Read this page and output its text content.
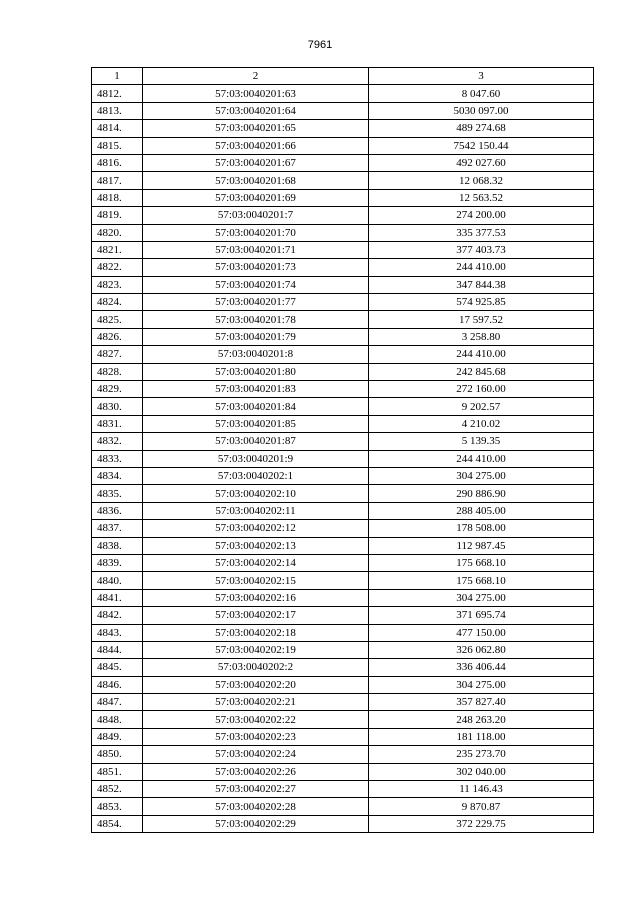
7961
1	2	3
4812.	57:03:0040201:63	8 047.60
4813.	57:03:0040201:64	5030 097.00
4814.	57:03:0040201:65	489 274.68
4815.	57:03:0040201:66	7542 150.44
4816.	57:03:0040201:67	492 027.60
4817.	57:03:0040201:68	12 068.32
4818.	57:03:0040201:69	12 563.52
4819.	57:03:0040201:7	274 200.00
4820.	57:03:0040201:70	335 377.53
4821.	57:03:0040201:71	377 403.73
4822.	57:03:0040201:73	244 410.00
4823.	57:03:0040201:74	347 844.38
4824.	57:03:0040201:77	574 925.85
4825.	57:03:0040201:78	17 597.52
4826.	57:03:0040201:79	3 258.80
4827.	57:03:0040201:8	244 410.00
4828.	57:03:0040201:80	242 845.68
4829.	57:03:0040201:83	272 160.00
4830.	57:03:0040201:84	9 202.57
4831.	57:03:0040201:85	4 210.02
4832.	57:03:0040201:87	5 139.35
4833.	57:03:0040201:9	244 410.00
4834.	57:03:0040202:1	304 275.00
4835.	57:03:0040202:10	290 886.90
4836.	57:03:0040202:11	288 405.00
4837.	57:03:0040202:12	178 508.00
4838.	57:03:0040202:13	112 987.45
4839.	57:03:0040202:14	175 668.10
4840.	57:03:0040202:15	175 668.10
4841.	57:03:0040202:16	304 275.00
4842.	57:03:0040202:17	371 695.74
4843.	57:03:0040202:18	477 150.00
4844.	57:03:0040202:19	326 062.80
4845.	57:03:0040202:2	336 406.44
4846.	57:03:0040202:20	304 275.00
4847.	57:03:0040202:21	357 827.40
4848.	57:03:0040202:22	248 263.20
4849.	57:03:0040202:23	181 118.00
4850.	57:03:0040202:24	235 273.70
4851.	57:03:0040202:26	302 040.00
4852.	57:03:0040202:27	11 146.43
4853.	57:03:0040202:28	9 870.87
4854.	57:03:0040202:29	372 229.75
